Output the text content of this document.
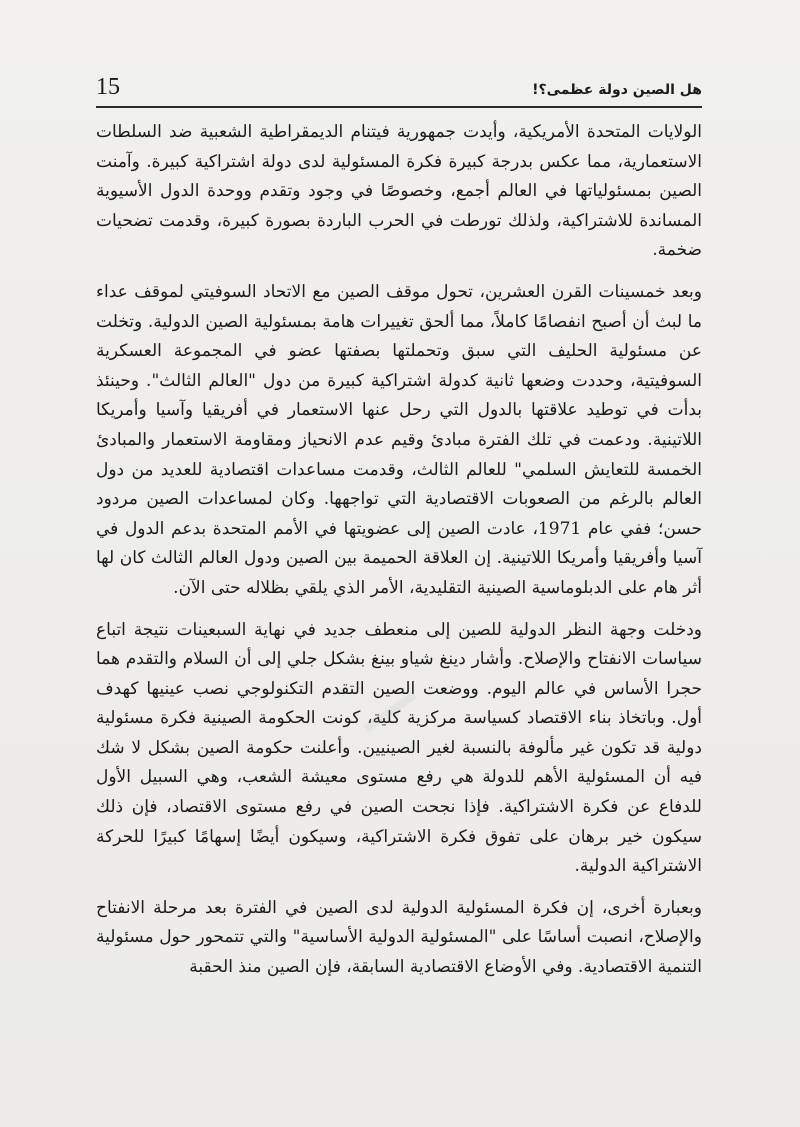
15	هل الصين دولة عظمى؟!

الولايات المتحدة الأمريكية، وأيدت جمهورية فيتنام الديمقراطية الشعبية ضد السلطات الاستعمارية، مما عكس بدرجة كبيرة فكرة المسئولية لدى دولة اشتراكية كبيرة. وآمنت الصين بمسئولياتها في العالم أجمع، وخصوصًا في وجود وتقدم ووحدة الدول الأسيوية المساندة للاشتراكية، ولذلك تورطت في الحرب الباردة بصورة كبيرة، وقدمت تضحيات ضخمة.

وبعد خمسينات القرن العشرين، تحول موقف الصين مع الاتحاد السوفيتي لموقف عداء ما لبث أن أصبح انفصامًا كاملاً، مما ألحق تغييرات هامة بمسئولية الصين الدولية. وتخلت عن مسئولية الحليف التي سبق وتحملتها بصفتها عضو في المجموعة العسكرية السوفيتية، وحددت وضعها ثانية كدولة اشتراكية كبيرة من دول "العالم الثالث". وحينئذ بدأت في توطيد علاقتها بالدول التي رحل عنها الاستعمار في أفريقيا وآسيا وأمريكا اللاتينية. ودعمت في تلك الفترة مبادئ وقيم عدم الانحياز ومقاومة الاستعمار والمبادئ الخمسة للتعايش السلمي" للعالم الثالث، وقدمت مساعدات اقتصادية للعديد من دول العالم بالرغم من الصعوبات الاقتصادية التي تواجهها. وكان لمساعدات الصين مردود حسن؛ ففي عام 1971، عادت الصين إلى عضويتها في الأمم المتحدة بدعم الدول في آسيا وأفريقيا وأمريكا اللاتينية. إن العلاقة الحميمة بين الصين ودول العالم الثالث كان لها أثر هام على الدبلوماسية الصينية التقليدية، الأمر الذي يلقي بظلاله حتى الآن.

ودخلت وجهة النظر الدولية للصين إلى منعطف جديد في نهاية السبعينات نتيجة اتباع سياسات الانفتاح والإصلاح. وأشار دينغ شياو بينغ بشكل جلي إلى أن السلام والتقدم هما حجرا الأساس في عالم اليوم. ووضعت الصين التقدم التكنولوجي نصب عينيها كهدف أول. وباتخاذ بناء الاقتصاد كسياسة مركزية كلية، كونت الحكومة الصينية فكرة مسئولية دولية قد تكون غير مألوفة بالنسبة لغير الصينيين. وأعلنت حكومة الصين بشكل لا شك فيه أن المسئولية الأهم للدولة هي رفع مستوى معيشة الشعب، وهي السبيل الأول للدفاع عن فكرة الاشتراكية. فإذا نجحت الصين في رفع مستوى الاقتصاد، فإن ذلك سيكون خير برهان على تفوق فكرة الاشتراكية، وسيكون أيضًا إسهامًا كبيرًا للحركة الاشتراكية الدولية.

وبعبارة أخرى، إن فكرة المسئولية الدولية لدى الصين في الفترة بعد مرحلة الانفتاح والإصلاح، انصبت أساسًا على "المسئولية الدولية الأساسية" والتي تتمحور حول مسئولية التنمية الاقتصادية. وفي الأوضاع الاقتصادية السابقة، فإن الصين منذ الحقبة
